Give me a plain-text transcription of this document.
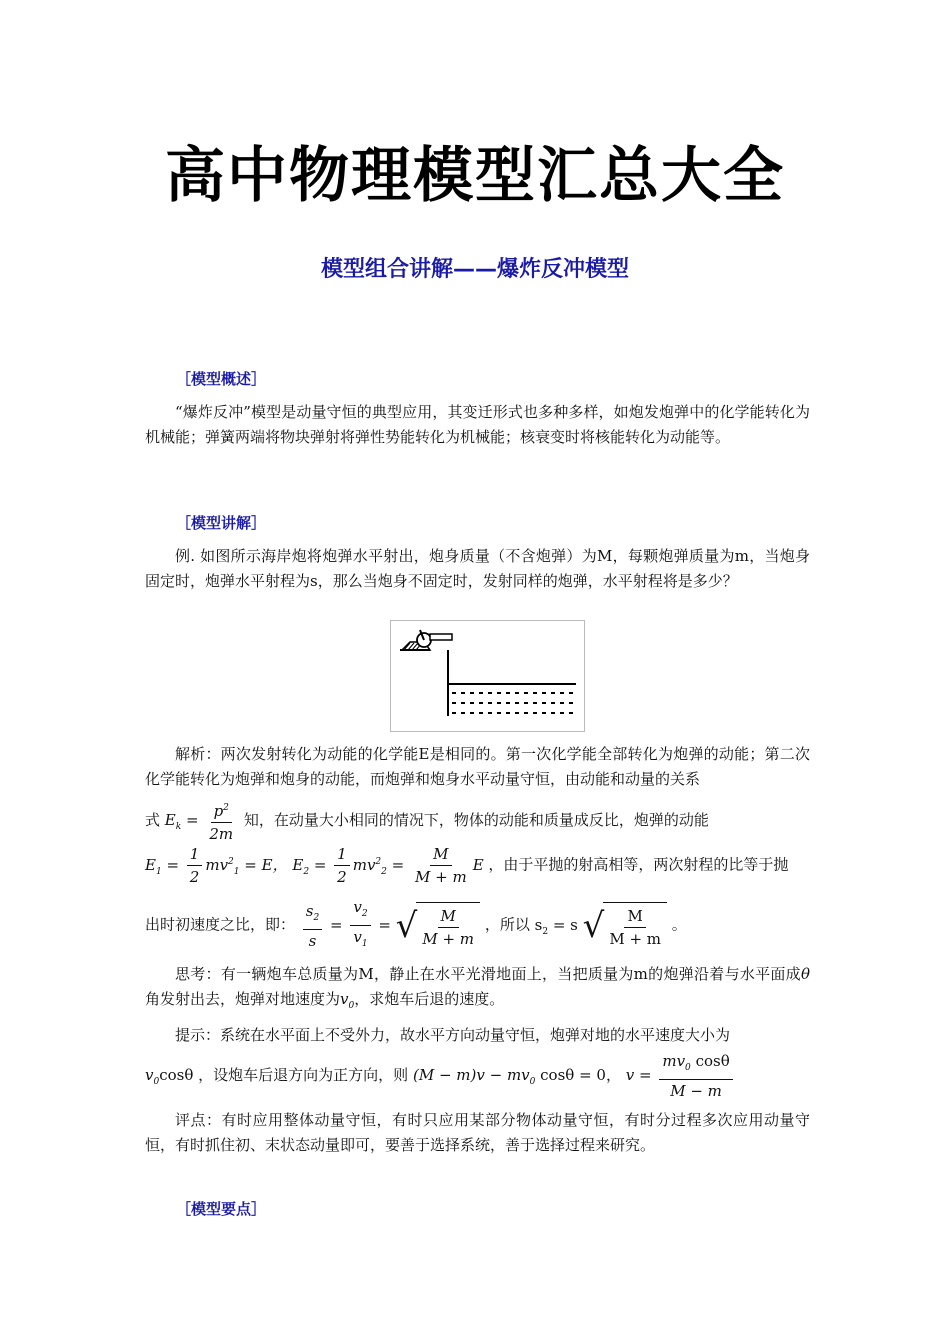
高中物理模型汇总大全
模型组合讲解——爆炸反冲模型
［模型概述］

“爆炸反冲”模型是动量守恒的典型应用，其变迁形式也多种多样，如炮发炮弹中的化学能转化为机械能；弹簧两端将物块弹射将弹性势能转化为机械能；核衰变时将核能转化为动能等。

［模型讲解］

例. 如图所示海岸炮将炮弹水平射出，炮身质量（不含炮弹）为M，每颗炮弹质量为m，当炮身固定时，炮弹水平射程为s，那么当炮身不固定时，发射同样的炮弹，水平射程将是多少？

解析：两次发射转化为动能的化学能E是相同的。第一次化学能全部转化为炮弹的动能；第二次化学能转化为炮弹和炮身的动能，而炮弹和炮身水平动量守恒，由动能和动量的关系

式 $E_k = \frac{p^2}{2m}$ 知，在动量大小相同的情况下，物体的动能和质量成反比，炮弹的动能
$E_1 = \frac{1}{2} mv^2_1 = E$， $E_2 = \frac{1}{2} mv^2_2 = \frac{M}{M + m}$ E ，由于平抛的射高相等，两次射程的比等于抛
出时初速度之比，即： $\frac{s_2}{s} = \frac{v_2}{v_1}$ = √ $\frac{M}{M + m}$ ，所以 $s_2 = s$ √ $\frac{M}{M + m}$ 。

思考：有一辆炮车总质量为M，静止在水平光滑地面上，当把质量为m的炮弹沿着与水平面成θ角发射出去，炮弹对地速度为$v_0$，求炮车后退的速度。

提示：系统在水平面上不受外力，故水平方向动量守恒，炮弹对地的水平速度大小为

$v_0\cos\theta$ ，设炮车后退方向为正方向，则 $(M - m)v - mv_0$ cosθ = 0， $v = \frac{mv_0 \cos\theta}{M - m}$

评点：有时应用整体动量守恒，有时只应用某部分物体动量守恒，有时分过程多次应用动量守恒，有时抓住初、末状态动量即可，要善于选择系统，善于选择过程来研究。

［模型要点］
